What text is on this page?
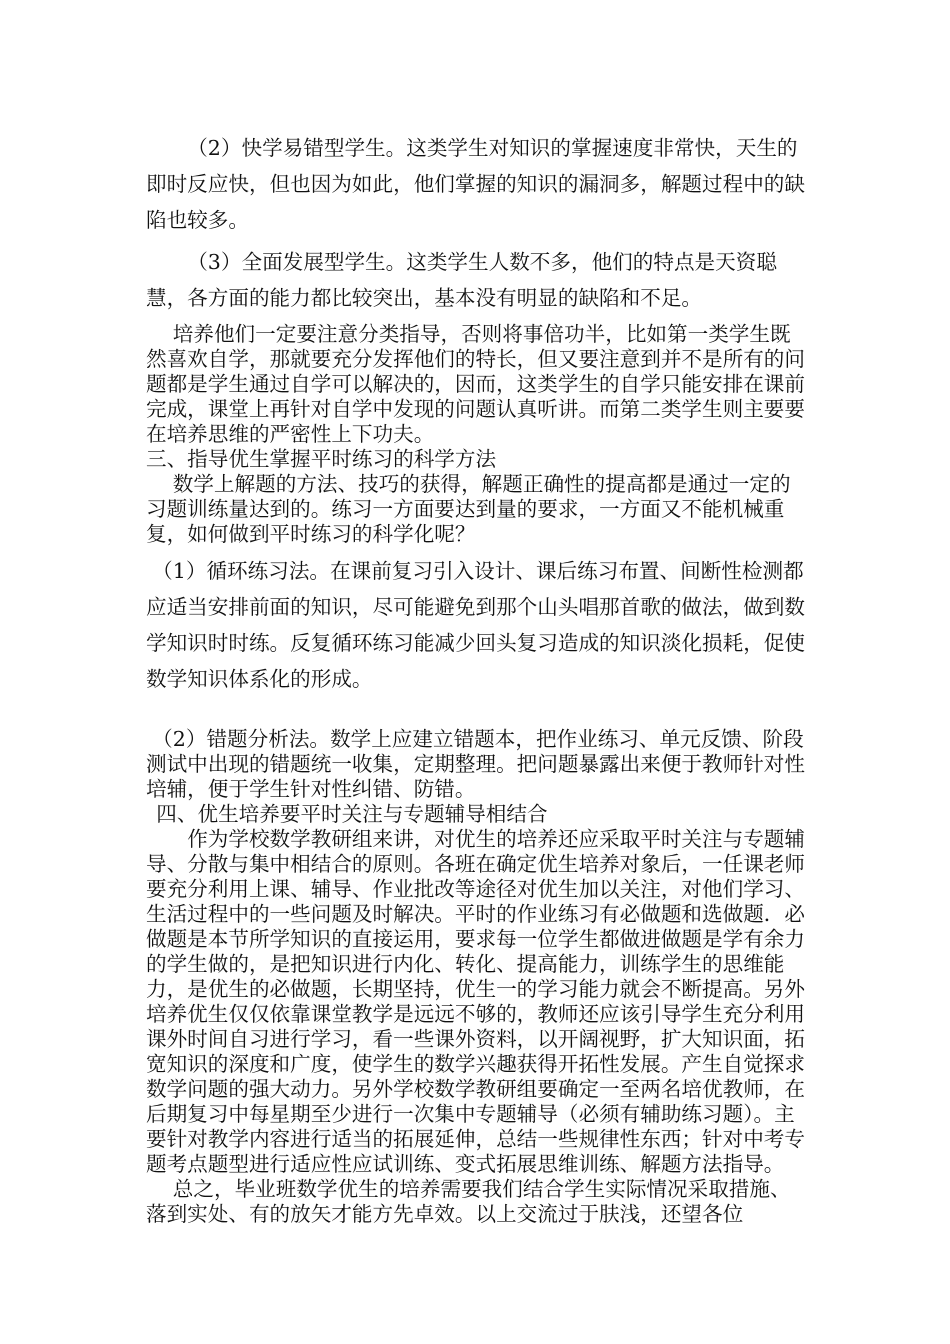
（2）快学易错型学生。这类学生对知识的掌握速度非常快，天生的即时反应快，但也因为如此，他们掌握的知识的漏洞多，解题过程中的缺陷也较多。

（3）全面发展型学生。这类学生人数不多，他们的特点是天资聪慧，各方面的能力都比较突出，基本没有明显的缺陷和不足。

培养他们一定要注意分类指导，否则将事倍功半，比如第一类学生既然喜欢自学，那就要充分发挥他们的特长，但又要注意到并不是所有的问题都是学生通过自学可以解决的，因而，这类学生的自学只能安排在课前完成，课堂上再针对自学中发现的问题认真听讲。而第二类学生则主要要在培养思维的严密性上下功夫。

三、指导优生掌握平时练习的科学方法

数学上解题的方法、技巧的获得，解题正确性的提高都是通过一定的习题训练量达到的。练习一方面要达到量的要求，一方面又不能机械重复，如何做到平时练习的科学化呢？

（1）循环练习法。在课前复习引入设计、课后练习布置、间断性检测都应适当安排前面的知识，尽可能避免到那个山头唱那首歌的做法，做到数学知识时时练。反复循环练习能减少回头复习造成的知识淡化损耗，促使数学知识体系化的形成。

（2）错题分析法。数学上应建立错题本，把作业练习、单元反馈、阶段测试中出现的错题统一收集，定期整理。把问题暴露出来便于教师针对性培辅，便于学生针对性纠错、防错。

四、优生培养要平时关注与专题辅导相结合

作为学校数学教研组来讲，对优生的培养还应采取平时关注与专题辅导、分散与集中相结合的原则。各班在确定优生培养对象后，一任课老师要充分利用上课、辅导、作业批改等途径对优生加以关注，对他们学习、生活过程中的一些问题及时解决。平时的作业练习有必做题和选做题．必做题是本节所学知识的直接运用，要求每一位学生都做进做题是学有余力的学生做的，是把知识进行内化、转化、提高能力，训练学生的思维能力，是优生的必做题，长期坚持，优生一的学习能力就会不断提高。另外培养优生仅仅依靠课堂教学是远远不够的，教师还应该引导学生充分利用课外时间自习进行学习，看一些课外资料，以开阔视野，扩大知识面，拓宽知识的深度和广度，使学生的数学兴趣获得开拓性发展。产生自觉探求数学问题的强大动力。另外学校数学教研组要确定一至两名培优教师，在后期复习中每星期至少进行一次集中专题辅导（必须有辅助练习题）。主要针对教学内容进行适当的拓展延伸，总结一些规律性东西；针对中考专题考点题型进行适应性应试训练、变式拓展思维训练、解题方法指导。

总之，毕业班数学优生的培养需要我们结合学生实际情况采取措施、落到实处、有的放矢才能方先卓效。以上交流过于肤浅，还望各位
